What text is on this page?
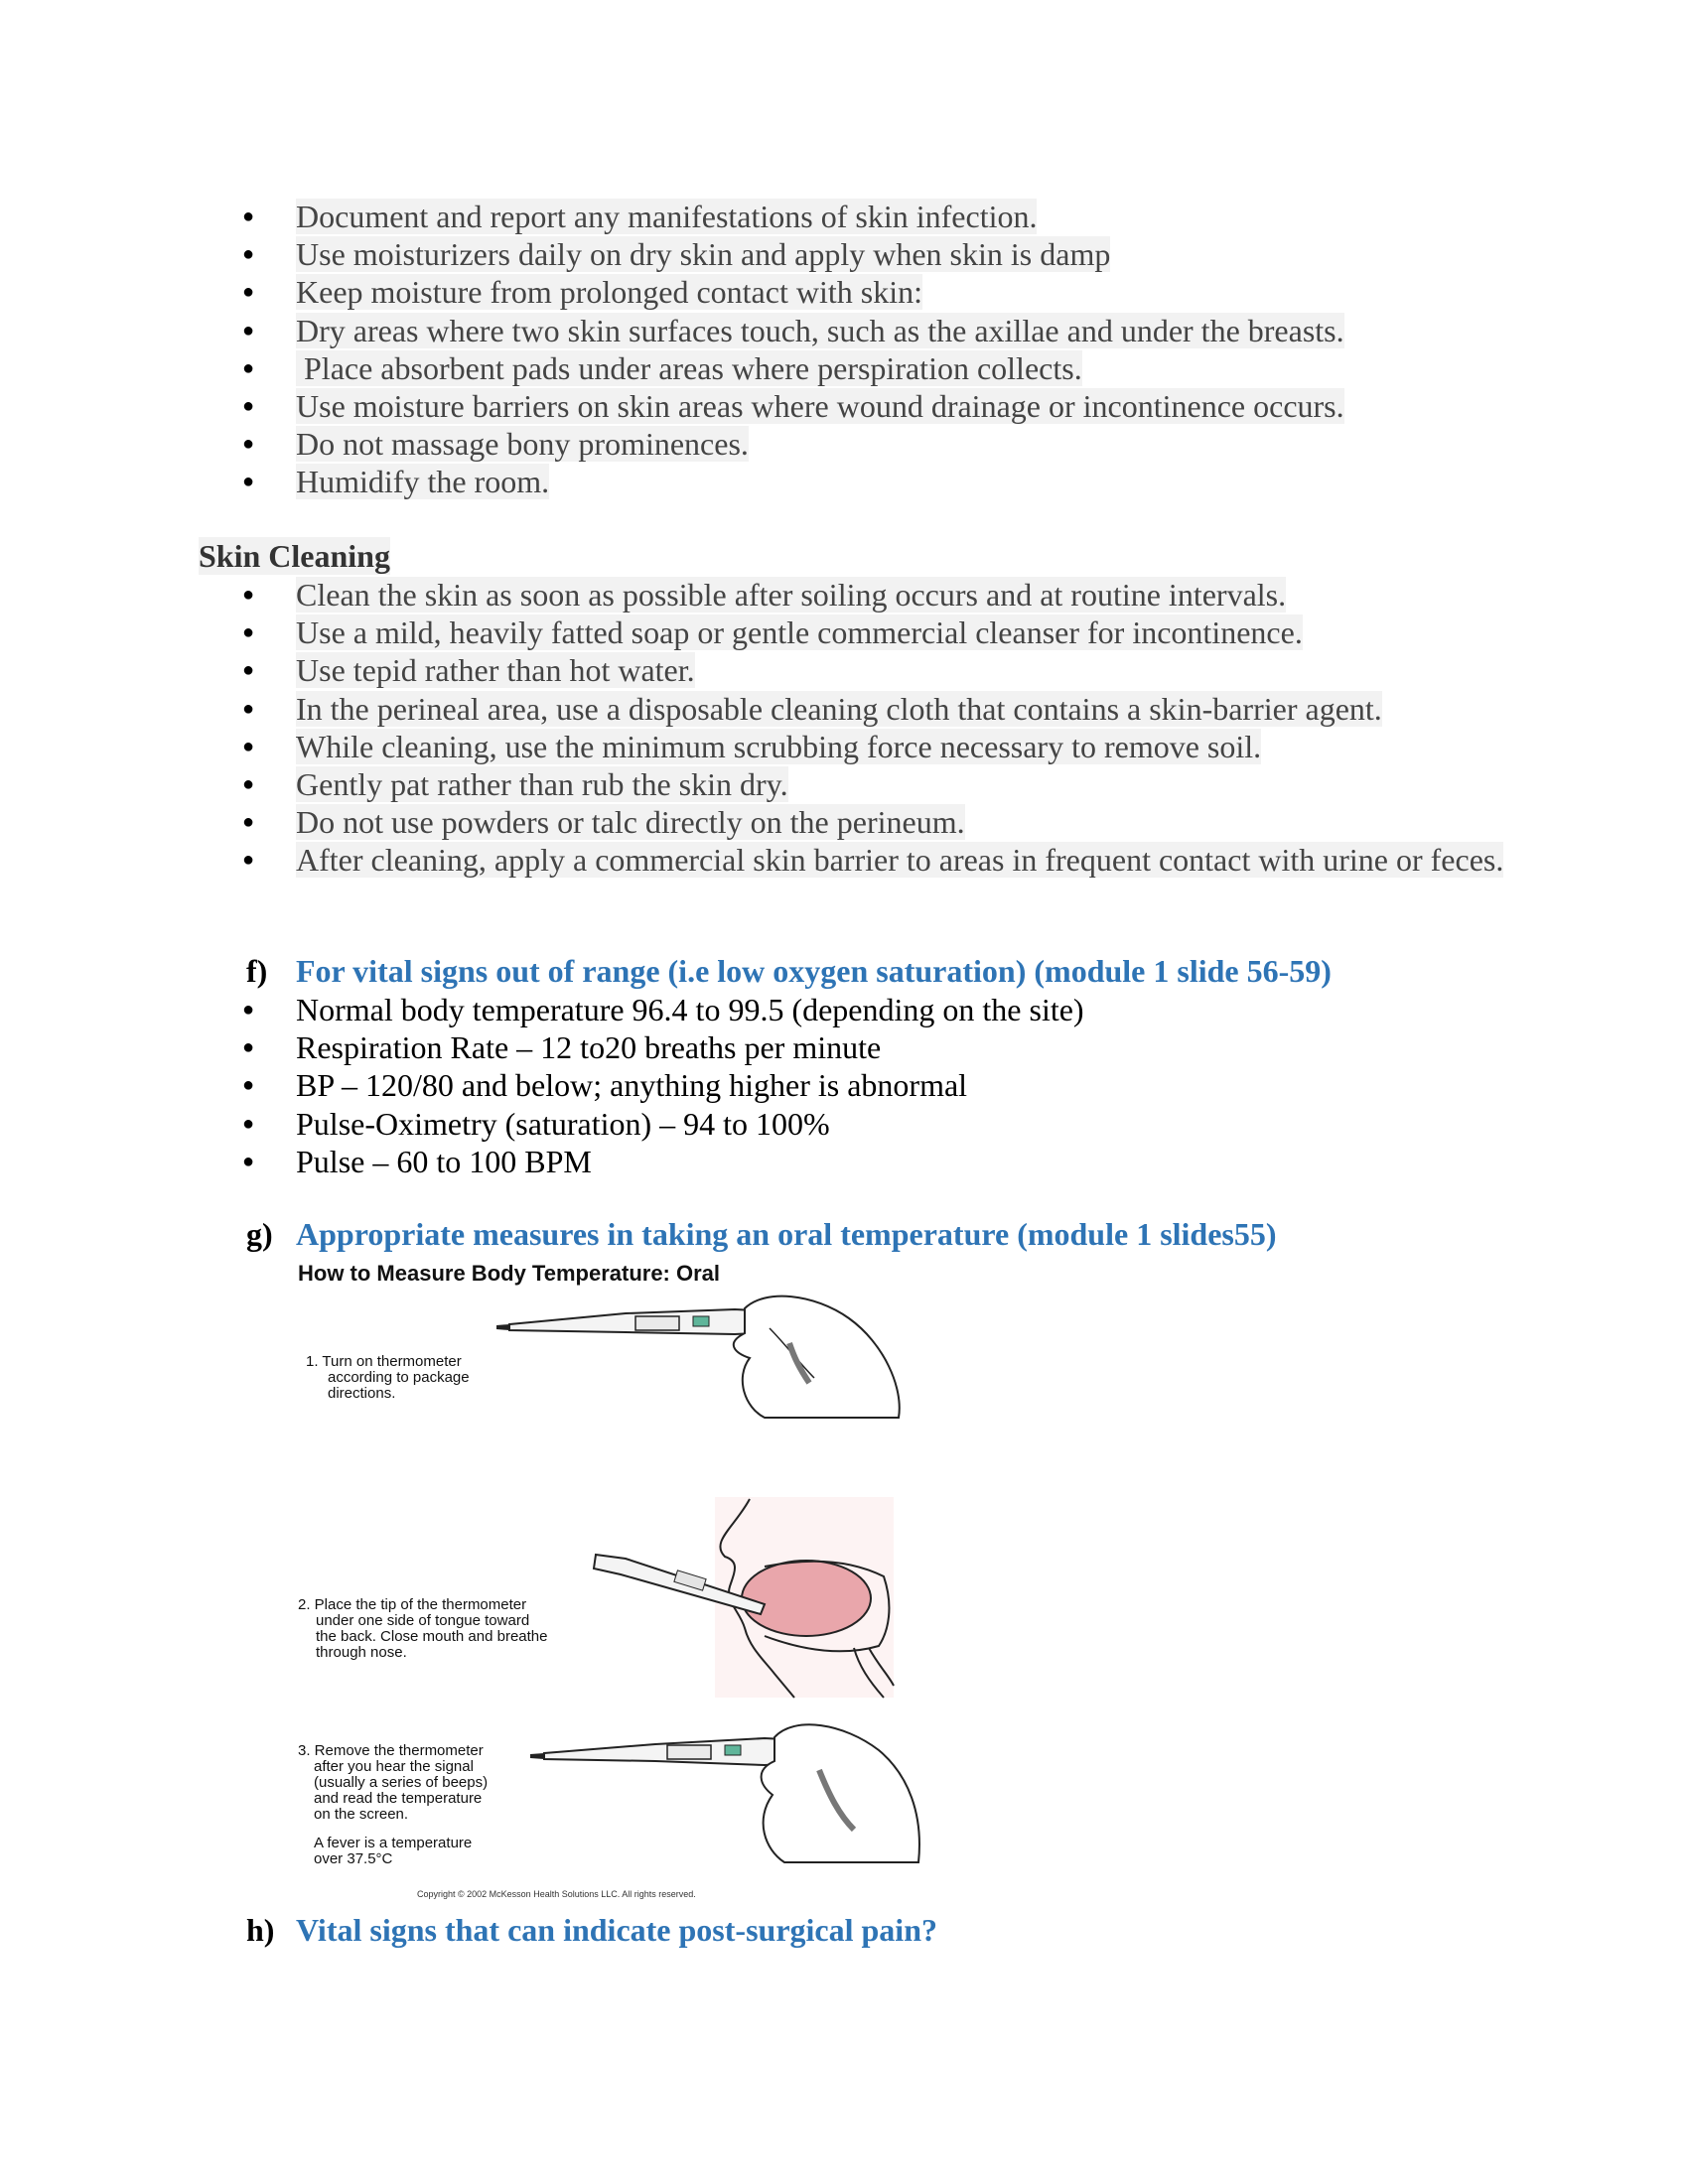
● Document and report any manifestations of skin infection.
● Use moisturizers daily on dry skin and apply when skin is damp
● Keep moisture from prolonged contact with skin:
● Dry areas where two skin surfaces touch, such as the axillae and under the breasts.
●  Place absorbent pads under areas where perspiration collects.
● Use moisture barriers on skin areas where wound drainage or incontinence occurs.
● Do not massage bony prominences.
● Humidify the room.
Skin Cleaning
● Clean the skin as soon as possible after soiling occurs and at routine intervals.
● Use a mild, heavily fatted soap or gentle commercial cleanser for incontinence.
● Use tepid rather than hot water.
● In the perineal area, use a disposable cleaning cloth that contains a skin-barrier agent.
● While cleaning, use the minimum scrubbing force necessary to remove soil.
● Gently pat rather than rub the skin dry.
● Do not use powders or talc directly on the perineum.
● After cleaning, apply a commercial skin barrier to areas in frequent contact with urine or feces.
f) For vital signs out of range (i.e low oxygen saturation) (module 1 slide 56-59)
● Normal body temperature 96.4 to 99.5 (depending on the site)
● Respiration Rate – 12 to20 breaths per minute
● BP – 120/80 and below; anything higher is abnormal
● Pulse-Oximetry (saturation) – 94 to 100%
● Pulse – 60 to 100 BPM
g) Appropriate measures in taking an oral temperature (module 1 slides55)
How to Measure Body Temperature: Oral
1. Turn on thermometer
according to package
directions.
2. Place the tip of the thermometer
under one side of tongue toward
the back. Close mouth and breathe
through nose.
3. Remove the thermometer
after you hear the signal
(usually a series of beeps)
and read the temperature
on the screen.
A fever is a temperature
over 37.5°C
Copyright © 2002 McKesson Health Solutions LLC. All rights reserved.
h) Vital signs that can indicate post-surgical pain?
